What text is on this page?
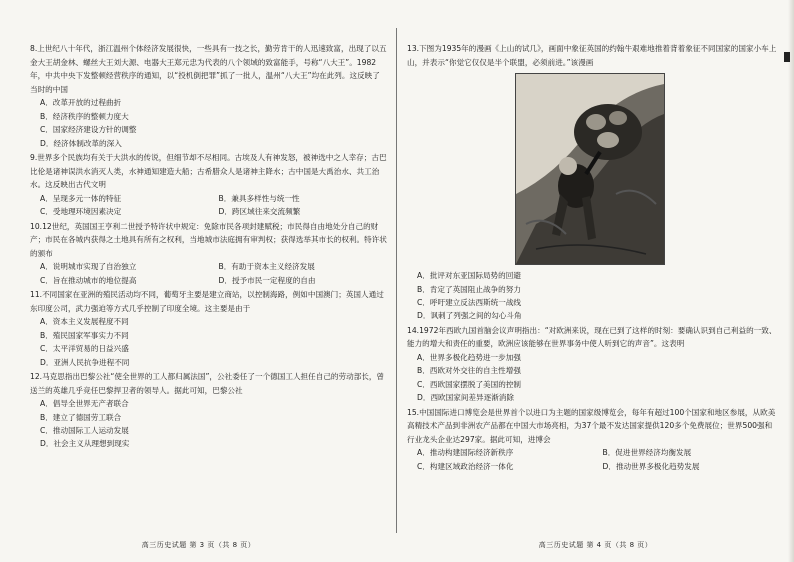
8.上世纪八十年代，浙江温州个体经济发展很快，一些具有一技之长，勤劳肯干的人迅速致富，出现了以五金大王胡金林、螺丝大王刘大源、电器大王郑元忠为代表的八个领域的致富能手，号称“八大王”。1982年，中共中央下发整顿经营秩序的通知，以“投机倒把罪”抓了一批人，温州“八大王”均在此列。这反映了当时的中国
A．改革开放的过程曲折
B．经济秩序的整顿力度大
C．国家经济建设方针的调整
D．经济体制改革的深入
9.世界多个民族均有关于大洪水的传说，但细节却不尽相同。古埃及人有神发怒，被神选中之人幸存；古巴比伦是诸神误洪水消灭人类，水神通知建造大船；古希腊众人是诸神主降水；古中国是大禹治水、共工治水。这反映出古代文明
A．呈现多元一体的特征	B．兼具多样性与统一性
C．受地理环境因素决定	D．跨区域往来交流频繁
10.12世纪，英国国王亨利二世授予特许状中规定：免除市民各项封建赋税；市民得自由地处分自己的财产；市民在各城内获得之土地具有所有之权利，当地城市法庭拥有审判权；获得选举其市长的权利。特许状的颁布
A．说明城市实现了自治独立	B．有助于资本主义经济发展
C．旨在推动城市的地位提高	D．授予市民一定程度的自由
11.不同国家在亚洲的殖民活动均不同，葡萄牙主要是建立商站，以控制海路，例如中国澳门；英国人通过东印度公司，武力强迫等方式几乎控制了印度全境。这主要是由于
A．资本主义发展程度不同
B．殖民国家军事实力不同
C．太平洋贸易的日益兴盛
D．亚洲人民抗争进程不同
12.马克思指出巴黎公社“使全世界的工人都归属法国”，公社委任了一个德国工人担任自己的劳动部长，曾送兰的英雄几乎竞任巴黎捍卫者的领导人。据此可知，巴黎公社
A．倡导全世界无产者联合
B．建立了德国劳工联合
C．推动国际工人运动发展
D．社会主义从理想到现实
高三历史试题 第 3 页（共 8 页）
13.下图为1935年的漫画《上山的试几》，画面中象征英国的约翰牛艰难地推着背着象征不同国家的国家小车上山，并表示“你觉它仅仅是半个联盟，必须前进。”该漫画
A．批评对东亚国际局势的回避
B．肯定了英国阻止战争的努力
C．呼吁建立反法西斯统一战线
D．讽刺了列强之间的勾心斗角
14.1972年西欧九国首脑会议声明指出：“对欧洲来说，现在已到了这样的时刻：要确认识到自己利益的一致、能力的增大和责任的重要，欧洲应该能够在世界事务中使人听到它的声音”。这表明
A．世界多极化趋势进一步加强
B．西欧对外交往的自主性增强
C．西欧国家摆脱了美国的控制
D．西欧国家间差异逐渐消除
15.中国国际进口博览会是世界首个以进口为主题的国家级博览会，每年有超过100个国家和地区参展，从欧美高精技术产品到非洲农产品都在中国大市场亮相，为37个最不发达国家提供120多个免费展位；世界500强和行业龙头企业达297家。据此可知，进博会
A．推动构建国际经济新秩序	B．促进世界经济均衡发展
C．构建区域政治经济一体化	D．推动世界多极化趋势发展
高三历史试题 第 4 页（共 8 页）
